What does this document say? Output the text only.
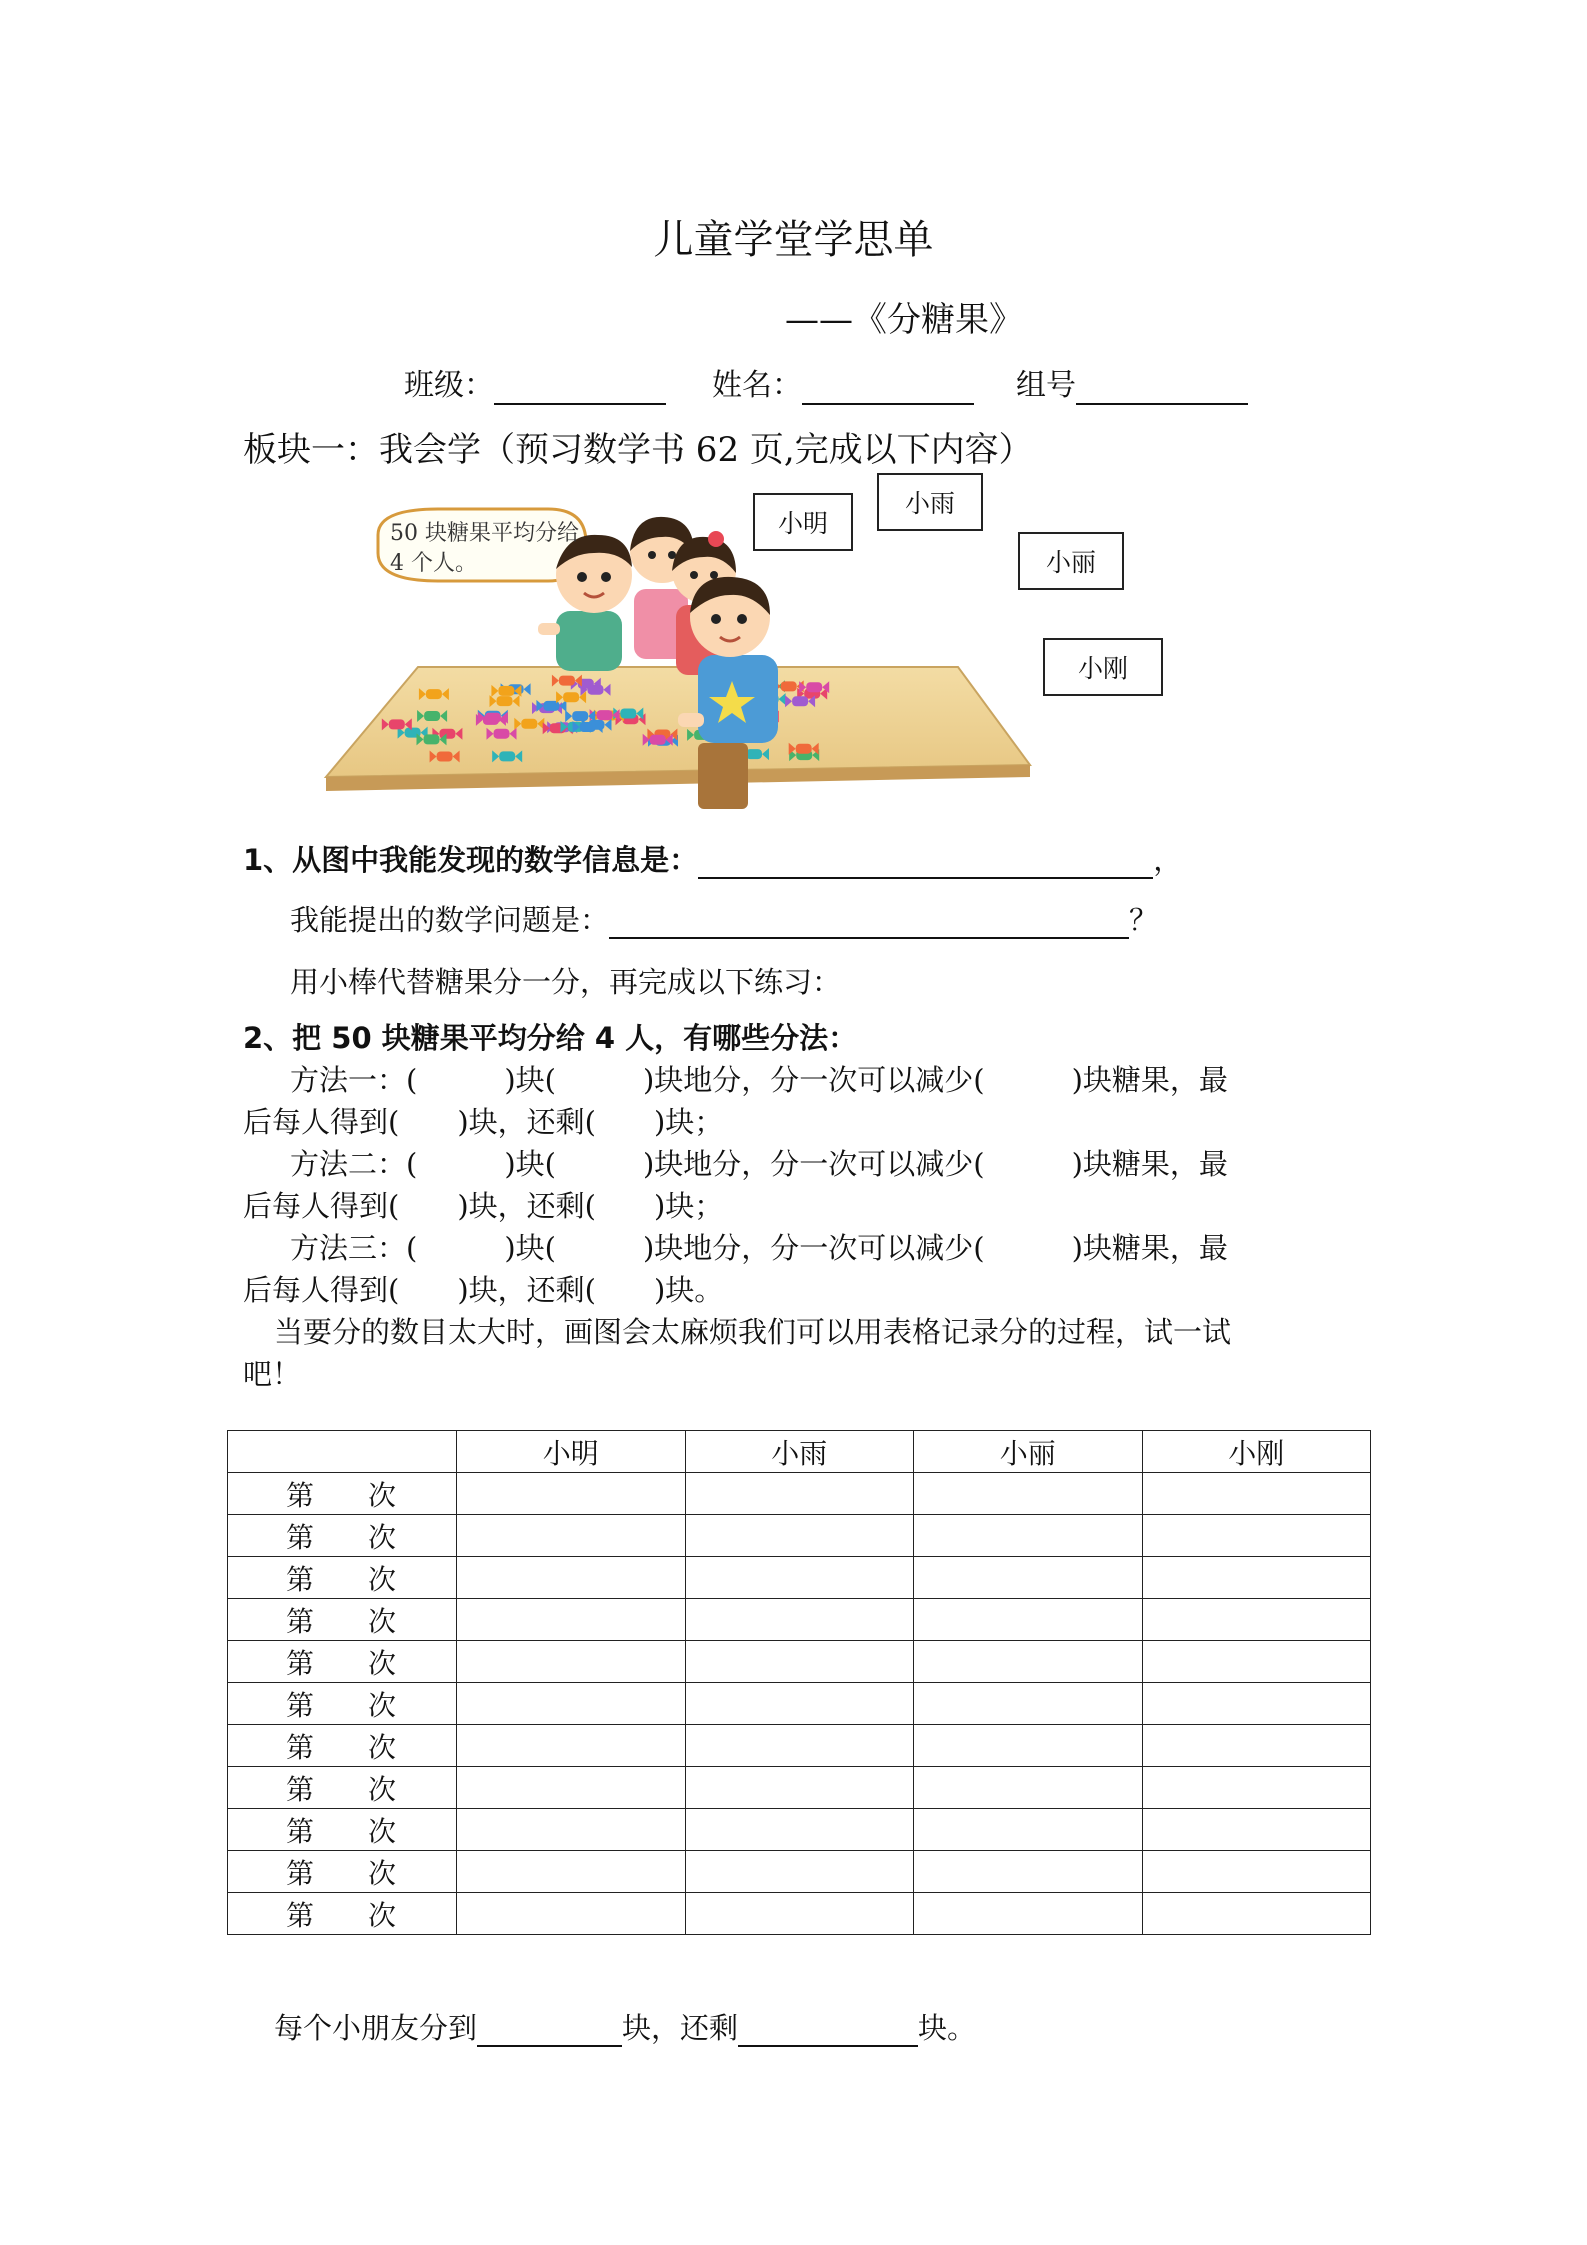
儿童学堂学思单
——《分糖果》
班级：	姓名：	组号
板块一：我会学（预习数学书 62 页,完成以下内容）
50 块糖果平均分给 4 个人。
小明
小雨
小丽
小刚
1、从图中我能发现的数学信息是：	，
我能提出的数学问题是：	？
用小棒代替糖果分一分，再完成以下练习：
2、把 50 块糖果平均分给 4 人，有哪些分法：
方法一：(　　　)块(　　　)块地分，分一次可以减少(　　　)块糖果，最
后每人得到(　　)块，还剩(　　)块；
方法二：(　　　)块(　　　)块地分，分一次可以减少(　　　)块糖果，最
后每人得到(　　)块，还剩(　　)块；
方法三：(　　　)块(　　　)块地分，分一次可以减少(　　　)块糖果，最
后每人得到(　　)块，还剩(　　)块。
当要分的数目太大时，画图会太麻烦我们可以用表格记录分的过程，试一试
吧！
	小明	小雨	小丽	小刚
第 次				
第 次				
第 次				
第 次				
第 次				
第 次				
第 次				
第 次				
第 次				
第 次				
第 次				
每个小朋友分到	块，还剩	块。
